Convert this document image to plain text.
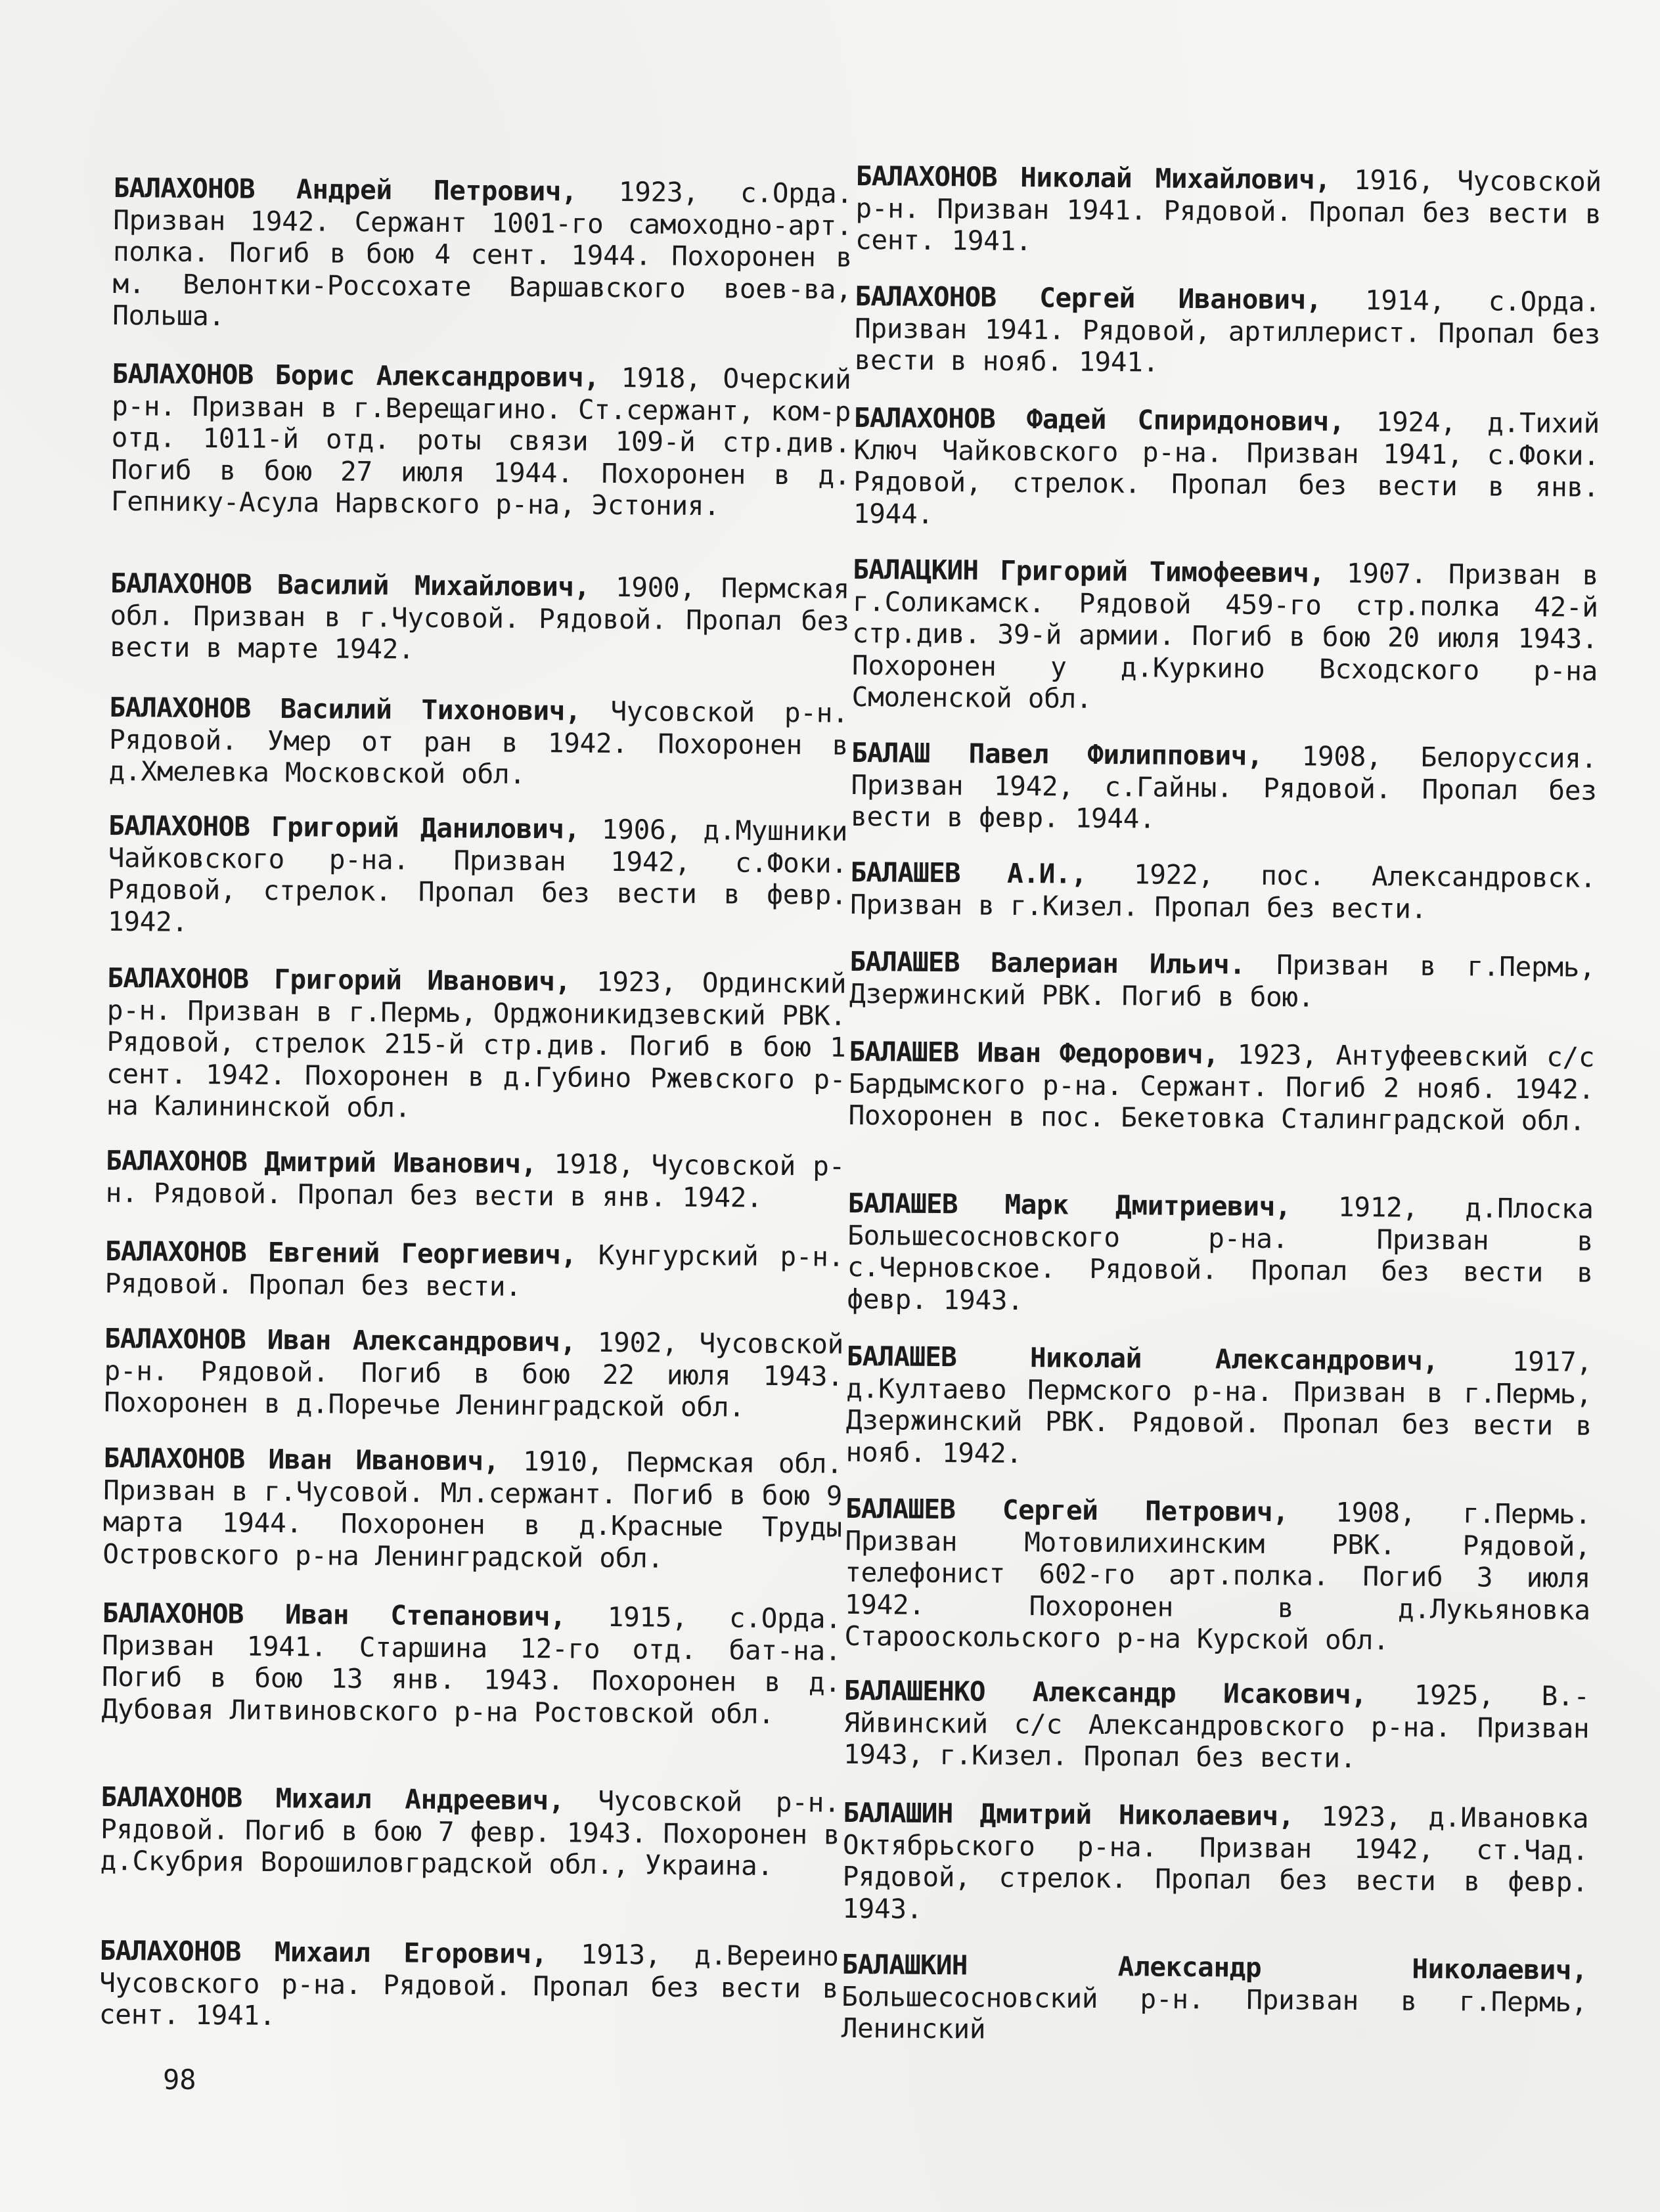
БАЛАХОНОВ Андрей Петрович, 1923, с.Орда. Призван 1942. Сержант 1001-го самоходно-арт. полка. Погиб в бою 4 сент. 1944. Похоронен в м. Велонтки-Россохате Варшавского воев-ва, Польша.
БАЛАХОНОВ Борис Александрович, 1918, Очерский р-н. Призван в г.Верещагино. Ст.сержант, ком-р отд. 1011-й отд. роты связи 109-й стр.див. Погиб в бою 27 июля 1944. Похоронен в д. Гепнику-Асула Нарвского р-на, Эстония.
БАЛАХОНОВ Василий Михайлович, 1900, Пермская обл. Призван в г.Чусовой. Рядовой. Пропал без вести в марте 1942.
БАЛАХОНОВ Василий Тихонович, Чусовской р-н. Рядовой. Умер от ран в 1942. Похоронен в д.Хмелевка Московской обл.
БАЛАХОНОВ Григорий Данилович, 1906, д.Мушники Чайковского р-на. Призван 1942, с.Фоки. Рядовой, стрелок. Пропал без вести в февр. 1942.
БАЛАХОНОВ Григорий Иванович, 1923, Ординский р-н. Призван в г.Пермь, Орджоникидзевский РВК. Рядовой, стрелок 215-й стр.див. Погиб в бою 1 сент. 1942. Похоронен в д.Губино Ржевского р-на Калининской обл.
БАЛАХОНОВ Дмитрий Иванович, 1918, Чусовской р-н. Рядовой. Пропал без вести в янв. 1942.
БАЛАХОНОВ Евгений Георгиевич, Кунгурский р-н. Рядовой. Пропал без вести.
БАЛАХОНОВ Иван Александрович, 1902, Чусовской р-н. Рядовой. Погиб в бою 22 июля 1943. Похоронен в д.Поречье Ленинградской обл.
БАЛАХОНОВ Иван Иванович, 1910, Пермская обл. Призван в г.Чусовой. Мл.сержант. Погиб в бою 9 марта 1944. Похоронен в д.Красные Труды Островского р-на Ленинградской обл.
БАЛАХОНОВ Иван Степанович, 1915, с.Орда. Призван 1941. Старшина 12-го отд. бат-на. Погиб в бою 13 янв. 1943. Похоронен в д. Дубовая Литвиновского р-на Ростовской обл.
БАЛАХОНОВ Михаил Андреевич, Чусовской р-н. Рядовой. Погиб в бою 7 февр. 1943. Похоронен в д.Скубрия Ворошиловградской обл., Украина.
БАЛАХОНОВ Михаил Егорович, 1913, д.Вереино Чусовского р-на. Рядовой. Пропал без вести в сент. 1941.
БАЛАХОНОВ Николай Михайлович, 1916, Чусовской р-н. Призван 1941. Рядовой. Пропал без вести в сент. 1941.
БАЛАХОНОВ Сергей Иванович, 1914, с.Орда. Призван 1941. Рядовой, артиллерист. Пропал без вести в нояб. 1941.
БАЛАХОНОВ Фадей Спиридонович, 1924, д.Тихий Ключ Чайковского р-на. Призван 1941, с.Фоки. Рядовой, стрелок. Пропал без вести в янв. 1944.
БАЛАЦКИН Григорий Тимофеевич, 1907. Призван в г.Соликамск. Рядовой 459-го стр.полка 42-й стр.див. 39-й армии. Погиб в бою 20 июля 1943. Похоронен у д.Куркино Всходского р-на Смоленской обл.
БАЛАШ Павел Филиппович, 1908, Белоруссия. Призван 1942, с.Гайны. Рядовой. Пропал без вести в февр. 1944.
БАЛАШЕВ А.И., 1922, пос. Александровск. Призван в г.Кизел. Пропал без вести.
БАЛАШЕВ Валериан Ильич. Призван в г.Пермь, Дзержинский РВК. Погиб в бою.
БАЛАШЕВ Иван Федорович, 1923, Антуфеевский с/с Бардымского р-на. Сержант. Погиб 2 нояб. 1942. Похоронен в пос. Бекетовка Сталинградской обл.
БАЛАШЕВ Марк Дмитриевич, 1912, д.Плоска Большесосновского р-на. Призван в с.Черновское. Рядовой. Пропал без вести в февр. 1943.
БАЛАШЕВ	Николай Александрович,	1917, д.Култаево Пермского р-на. Призван в г.Пермь, Дзержинский РВК. Рядовой. Пропал без вести в нояб. 1942.
БАЛАШЕВ Сергей Петрович, 1908, г.Пермь. Призван Мотовилихинским РВК. Рядовой, телефонист 602-го арт.полка. Погиб 3 июля 1942. Похоронен в д.Лукьяновка Старооскольского р-на Курской обл.
БАЛАШЕНКО Александр Исакович, 1925, В.-Яйвинский с/с Александровского р-на. Призван 1943, г.Кизел. Пропал без вести.
БАЛАШИН Дмитрий Николаевич, 1923, д.Ивановка Октябрьского р-на. Призван 1942, ст.Чад. Рядовой, стрелок. Пропал без вести в февр. 1943.
БАЛАШКИН	Александр Николаевич, Большесосновский р-н. Призван в г.Пермь, Ленинский
98
